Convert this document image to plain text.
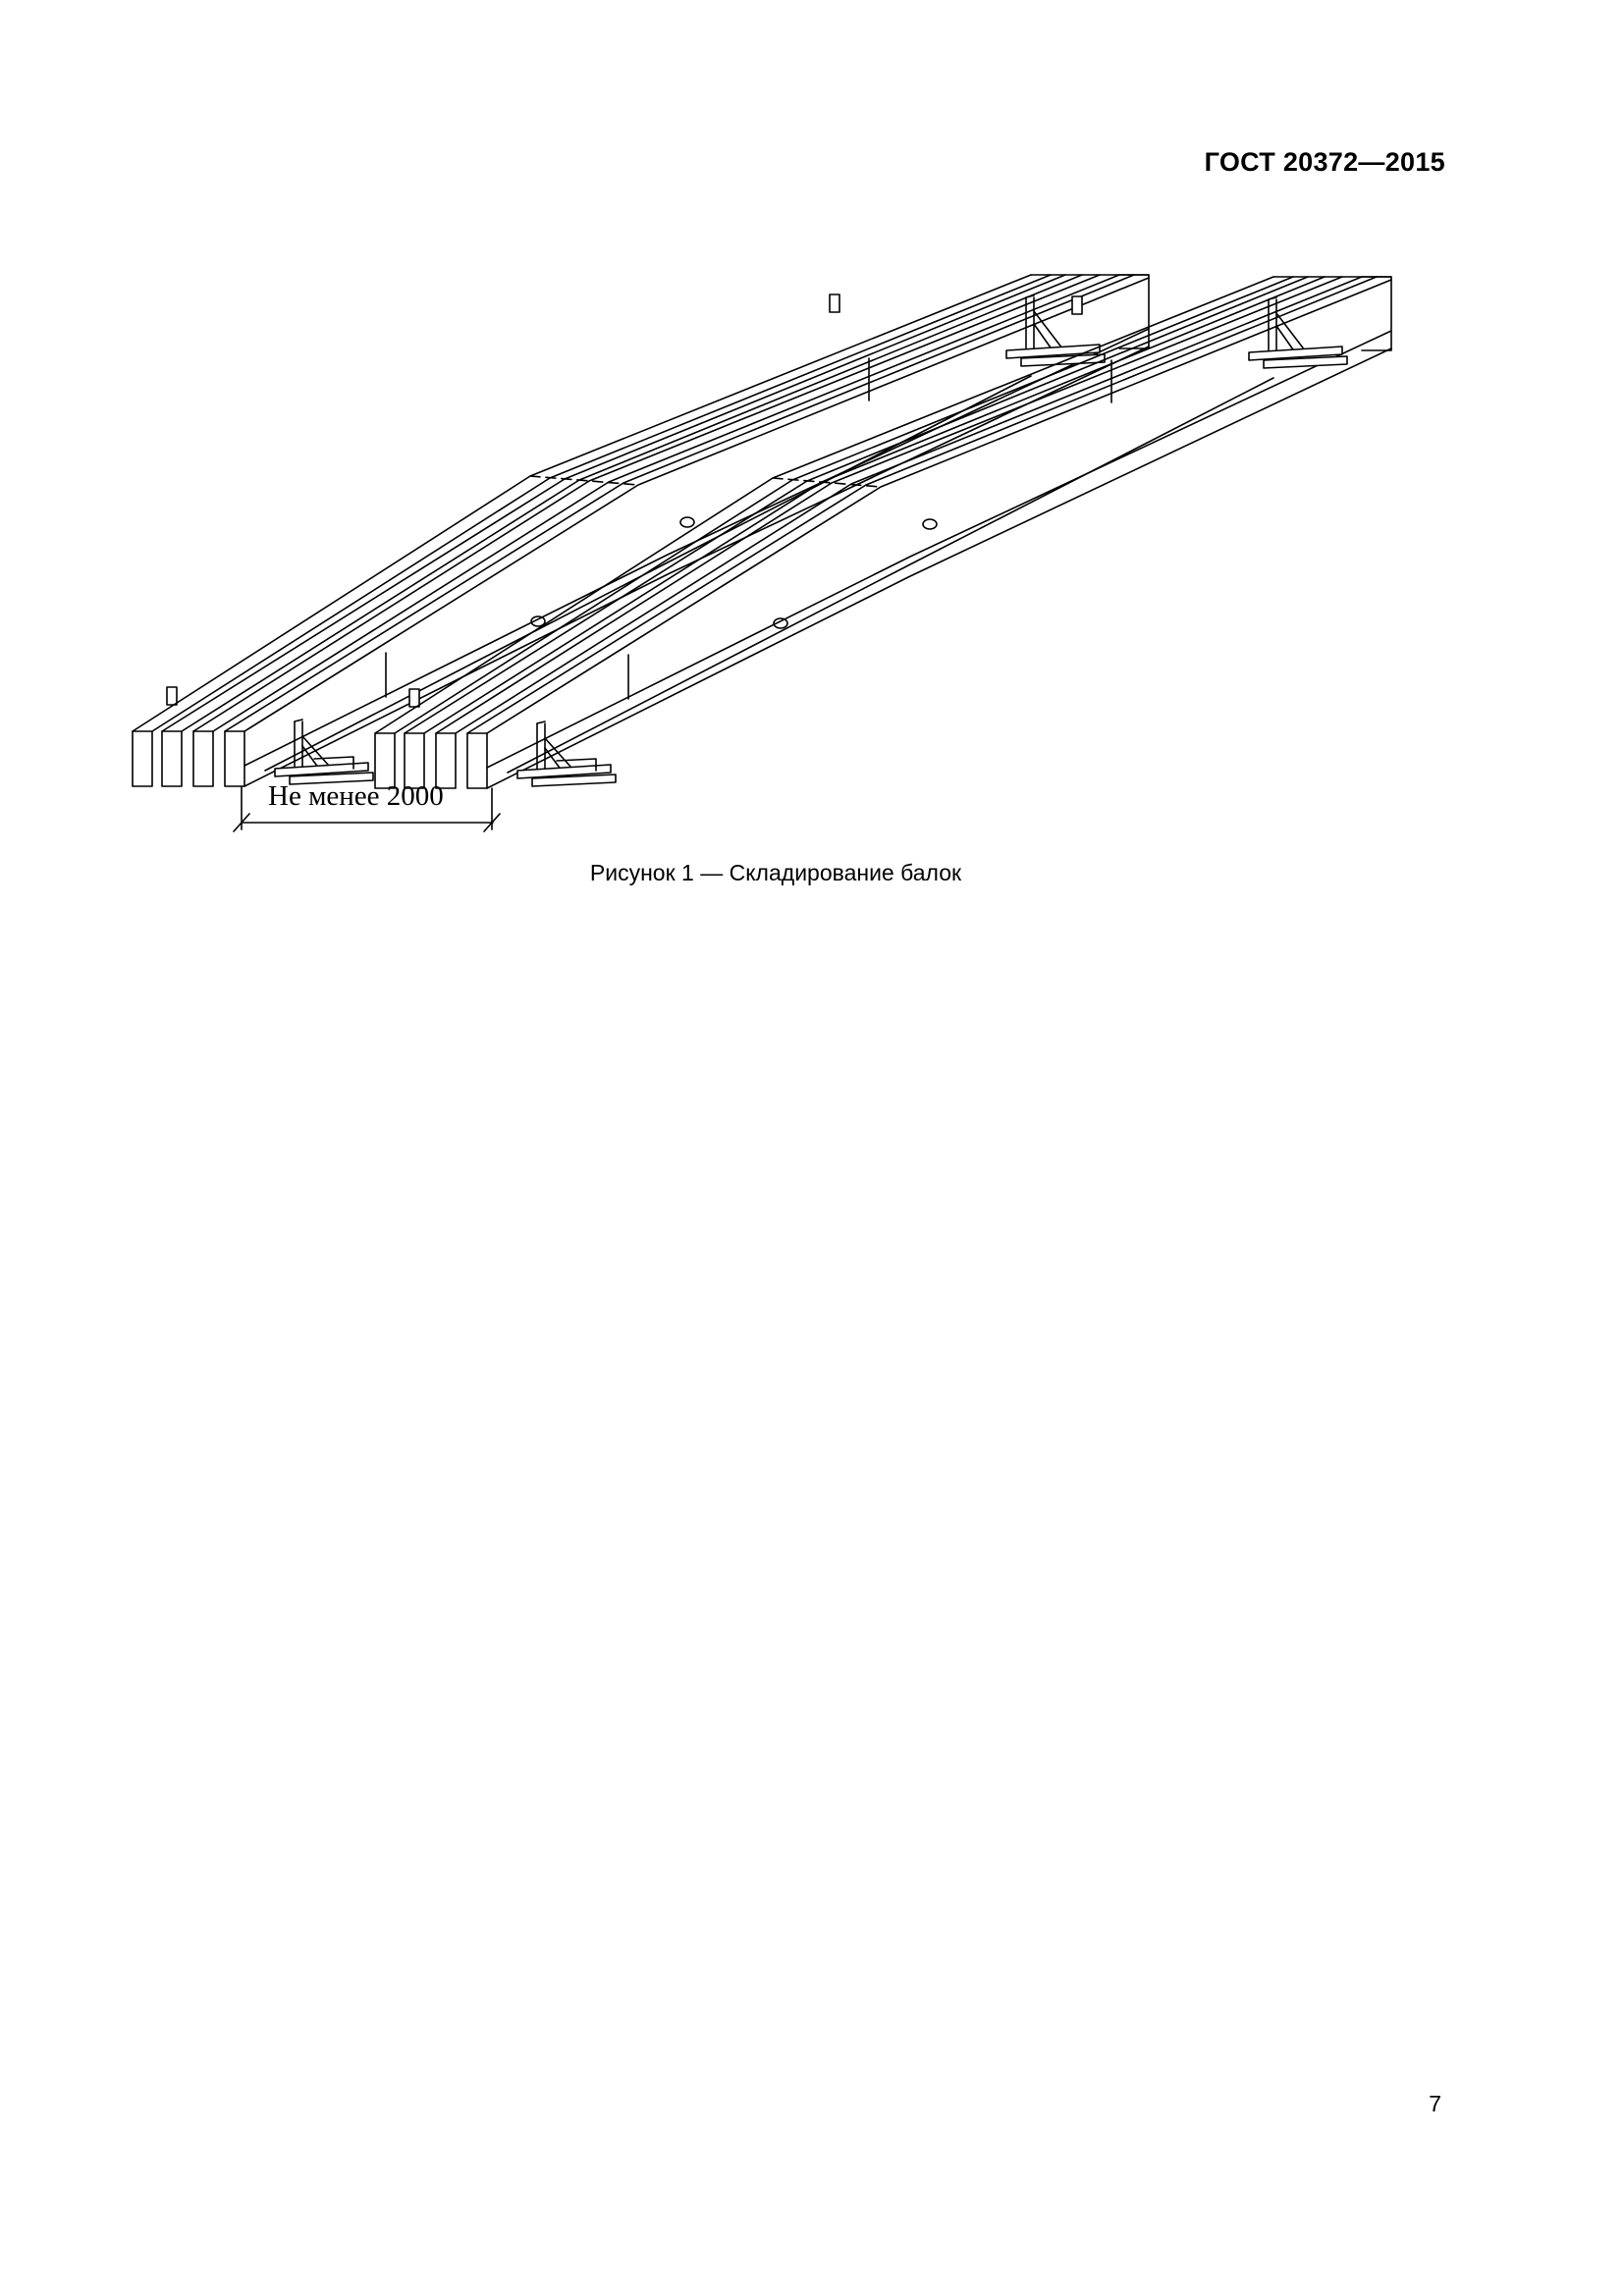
ГОСТ 20372—2015
Не менее 2000
Рисунок 1 — Складирование балок
7
